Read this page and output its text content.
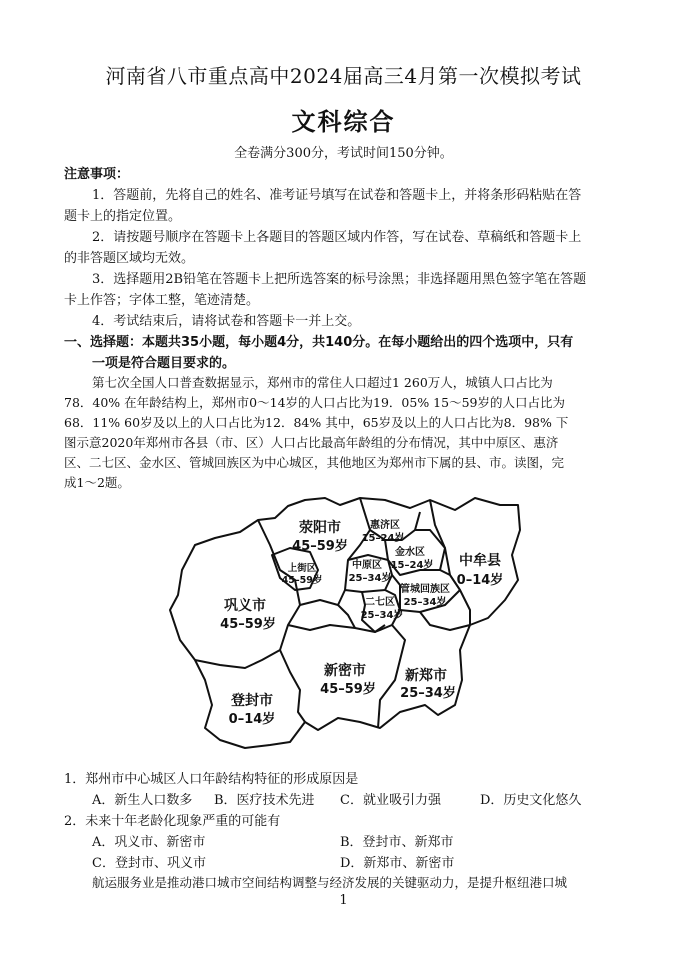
河南省八市重点高中2024届高三4月第一次模拟考试
文科综合
全卷满分300分，考试时间150分钟。
注意事项：
1．答题前，先将自己的姓名、准考证号填写在试卷和答题卡上，并将条形码粘贴在答
题卡上的指定位置。
2．请按题号顺序在答题卡上各题目的答题区域内作答，写在试卷、草稿纸和答题卡上
的非答题区域均无效。
3．选择题用2B铅笔在答题卡上把所选答案的标号涂黑；非选择题用黑色签字笔在答题
卡上作答；字体工整，笔迹清楚。
4．考试结束后，请将试卷和答题卡一并上交。
一、选择题：本题共35小题，每小题4分，共140分。在每小题给出的四个选项中，只有
一项是符合题目要求的。
第七次全国人口普查数据显示，郑州市的常住人口超过1 260万人，城镇人口占比为
78．40% 在年龄结构上，郑州市0～14岁的人口占比为19．05% 15～59岁的人口占比为
68．11% 60岁及以上的人口占比为12．84% 其中，65岁及以上的人口占比为8．98% 下
图示意2020年郑州市各县（市、区）人口占比最高年龄组的分布情况，其中中原区、惠济
区、二七区、金水区、管城回族区为中心城区，其他地区为郑州市下属的县、市。读图，完
成1～2题。
荥阳市
45–59岁
惠济区
15–24岁
金水区
15–24岁 中牟县
0–14岁
上街区
45–59岁
中原区
25–34岁
管城回族区
25–34岁
二七区
25–34岁
巩义市
45–59岁
新密市
45–59岁
新郑市
25–34岁
登封市
0–14岁
1．郑州市中心城区人口年龄结构特征的形成原因是
A．新生人口数多 B．医疗技术先进 C．就业吸引力强	D．历史文化悠久
2．未来十年老龄化现象严重的可能有
A．巩义市、新密市	B．登封市、新郑市
C．登封市、巩义市	D．新郑市、新密市
航运服务业是推动港口城市空间结构调整与经济发展的关键驱动力，是提升枢纽港口城
1
